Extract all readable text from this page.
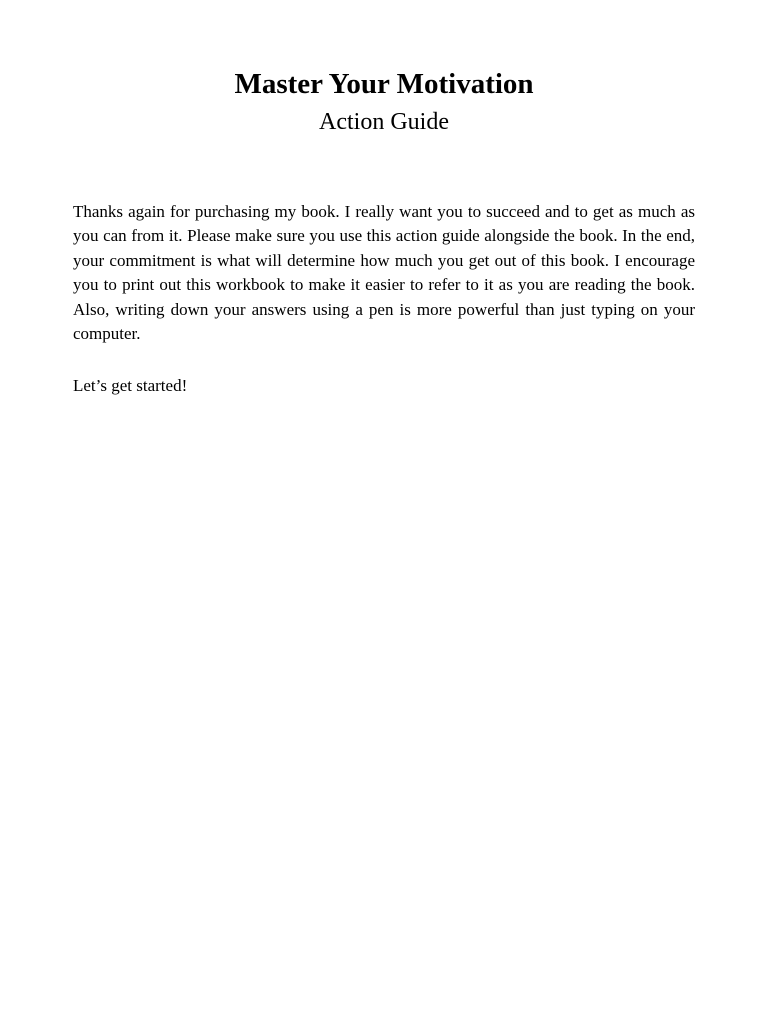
Master Your Motivation
Action Guide

Thanks again for purchasing my book. I really want you to succeed and to get as much as you can from it. Please make sure you use this action guide alongside the book. In the end, your commitment is what will determine how much you get out of this book. I encourage you to print out this workbook to make it easier to refer to it as you are reading the book. Also, writing down your answers using a pen is more powerful than just typing on your computer.

Let’s get started!
